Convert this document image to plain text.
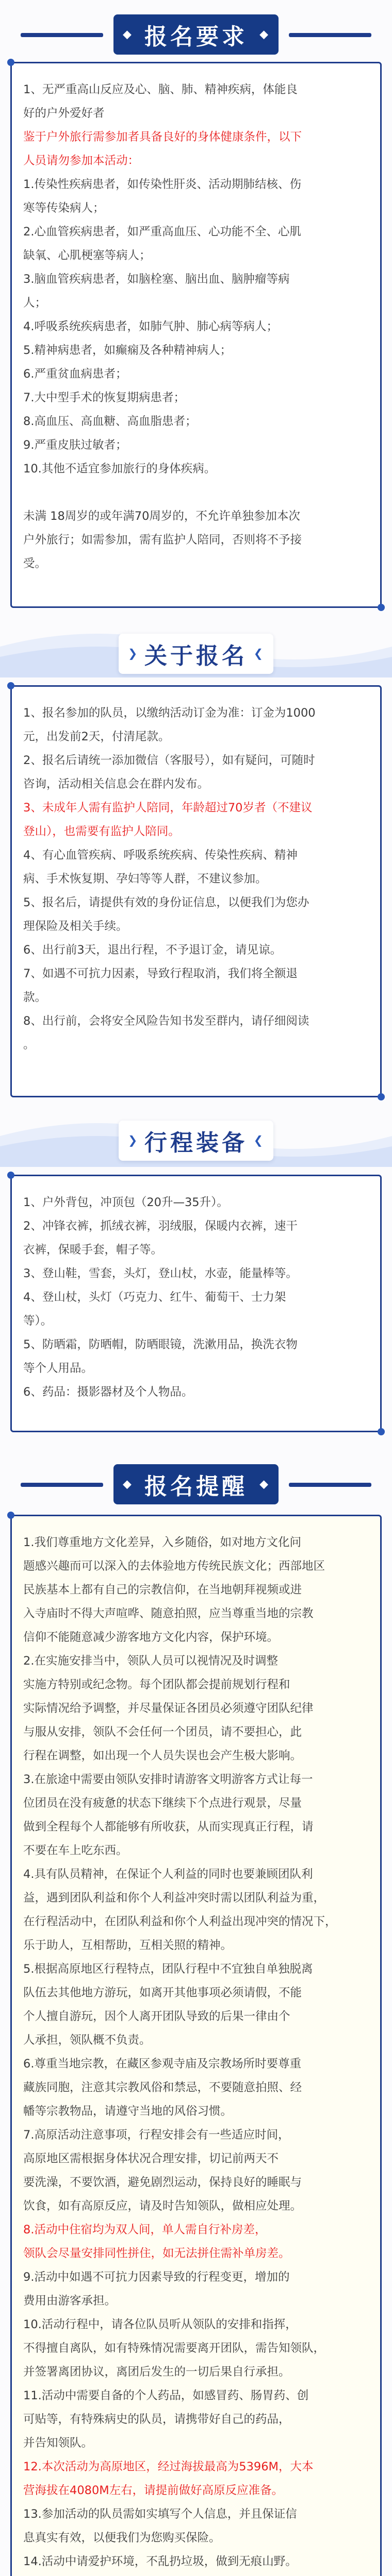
◆ 报名要求 ◆
1、无严重高山反应及心、脑、肺、精神疾病，体能良
好的户外爱好者
鉴于户外旅行需参加者具备良好的身体健康条件，以下
人员请勿参加本活动：
1.传染性疾病患者，如传染性肝炎、活动期肺结核、伤
寒等传染病人；
2.心血管疾病患者，如严重高血压、心功能不全、心肌
缺氧、心肌梗塞等病人；
3.脑血管疾病患者，如脑栓塞、脑出血、脑肿瘤等病
人；
4.呼吸系统疾病患者，如肺气肿、肺心病等病人；
5.精神病患者，如癫痫及各种精神病人；
6.严重贫血病患者；
7.大中型手术的恢复期病患者；
8.高血压、高血糖、高血脂患者；
9.严重皮肤过敏者；
10.其他不适宜参加旅行的身体疾病。
未满 18周岁的或年满70周岁的，不允许单独参加本次
户外旅行；如需参加，需有监护人陪同，否则将不予接
受。
❯ 关于报名 ❮
1、报名参加的队员，以缴纳活动订金为准：订金为1000
元，出发前2天，付清尾款。
2、报名后请统一添加微信（客服号），如有疑问，可随时
咨询，活动相关信息会在群内发布。
3、未成年人需有监护人陪同，年龄超过70岁者（不建议
登山），也需要有监护人陪同。
4、有心血管疾病、呼吸系统疾病、传染性疾病、精神
病、手术恢复期、孕妇等等人群，不建议参加。
5、报名后，请提供有效的身份证信息，以便我们为您办
理保险及相关手续。
6、出行前3天，退出行程，不予退订金，请见谅。
7、如遇不可抗力因素，导致行程取消，我们将全额退
款。
8、出行前，会将安全风险告知书发至群内，请仔细阅读
。
❯ 行程装备 ❮
1、户外背包，冲顶包（20升—35升）。
2、冲锋衣裤，抓绒衣裤，羽绒服，保暖内衣裤，速干
衣裤，保暖手套，帽子等。
3、登山鞋，雪套，头灯，登山杖，水壶，能量棒等。
4、登山杖，头灯（巧克力、红牛、葡萄干、士力架
等）。
5、防晒霜，防晒帽，防晒眼镜，洗漱用品，换洗衣物
等个人用品。
6、药品：摄影器材及个人物品。
◆ 报名提醒 ◆
1.我们尊重地方文化差异，入乡随俗，如对地方文化问
题感兴趣而可以深入的去体验地方传统民族文化；西部地区
民族基本上都有自己的宗教信仰，在当地朝拜视频或进
入寺庙时不得大声喧哗、随意拍照，应当尊重当地的宗教
信仰不能随意减少游客地方文化内容，保护环境。
2.在实施安排当中，领队人员可以视情况及时调整
实施方特别或纪念物。每个团队都会提前规划行程和
实际情况给予调整，并尽量保证各团员必须遵守团队纪律
与服从安排，领队不会任何一个团员，请不要担心，此
行程在调整，如出现一个人员失误也会产生极大影响。
3.在旅途中需要由领队安排时请游客文明游客方式让每一
位团员在没有疲惫的状态下继续下个点进行观景，尽量
做到全程每个人都能够有所收获，从而实现真正行程，请
不要在车上吃东西。
4.具有队员精神，在保证个人利益的同时也要兼顾团队利
益，遇到团队利益和你个人利益冲突时需以团队利益为重，
在行程活动中，在团队利益和你个人利益出现冲突的情况下，
乐于助人，互相帮助，互相关照的精神。
5.根据高原地区行程特点，团队行程中不宜独自单独脱离
队伍去其他地方游玩，如离开其他事项必须请假，不能
个人擅自游玩，因个人离开团队导致的后果一律由个
人承担，领队概不负责。
6.尊重当地宗教，在藏区参观寺庙及宗教场所时要尊重
藏族同胞，注意其宗教风俗和禁忌，不要随意拍照、经
幡等宗教物品，请遵守当地的风俗习惯。
7.高原活动注意事项，行程安排会有一些适应时间，
高原地区需根据身体状况合理安排，切记前两天不
要洗澡，不要饮酒，避免剧烈运动，保持良好的睡眠与
饮食，如有高原反应，请及时告知领队，做相应处理。
8.活动中住宿均为双人间，单人需自行补房差，
领队会尽量安排同性拼住，如无法拼住需补单房差。
9.活动中如遇不可抗力因素导致的行程变更，增加的
费用由游客承担。
10.活动行程中，请各位队员听从领队的安排和指挥，
不得擅自离队，如有特殊情况需要离开团队，需告知领队，
并签署离团协议，离团后发生的一切后果自行承担。
11.活动中需要自备的个人药品，如感冒药、肠胃药、创
可贴等，有特殊病史的队员，请携带好自己的药品，
并告知领队。
12.本次活动为高原地区，经过海拔最高为5396M，大本
营海拔在4080M左右，请提前做好高原反应准备。
13.参加活动的队员需如实填写个人信息，并且保证信
息真实有效，以便我们为您购买保险。
14.活动中请爱护环境，不乱扔垃圾，做到无痕山野。
